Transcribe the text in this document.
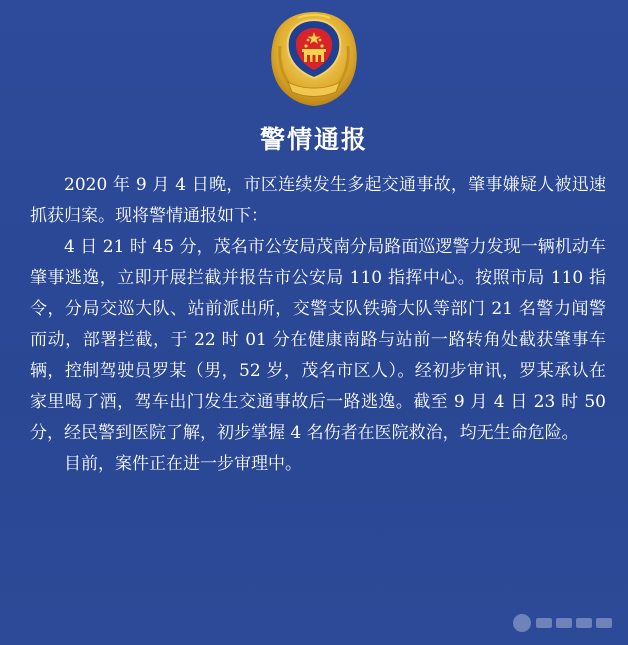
警情通报

2020 年 9 月 4 日晚，市区连续发生多起交通事故，肇事嫌疑人被迅速抓获归案。现将警情通报如下：

4 日 21 时 45 分，茂名市公安局茂南分局路面巡逻警力发现一辆机动车肇事逃逸，立即开展拦截并报告市公安局 110 指挥中心。按照市局 110 指令，分局交巡大队、站前派出所，交警支队铁骑大队等部门 21 名警力闻警而动，部署拦截，于 22 时 01 分在健康南路与站前一路转角处截获肇事车辆，控制驾驶员罗某（男，52 岁，茂名市区人）。经初步审讯，罗某承认在家里喝了酒，驾车出门发生交通事故后一路逃逸。截至 9 月 4 日 23 时 50 分，经民警到医院了解，初步掌握 4 名伤者在医院救治，均无生命危险。

目前，案件正在进一步审理中。
